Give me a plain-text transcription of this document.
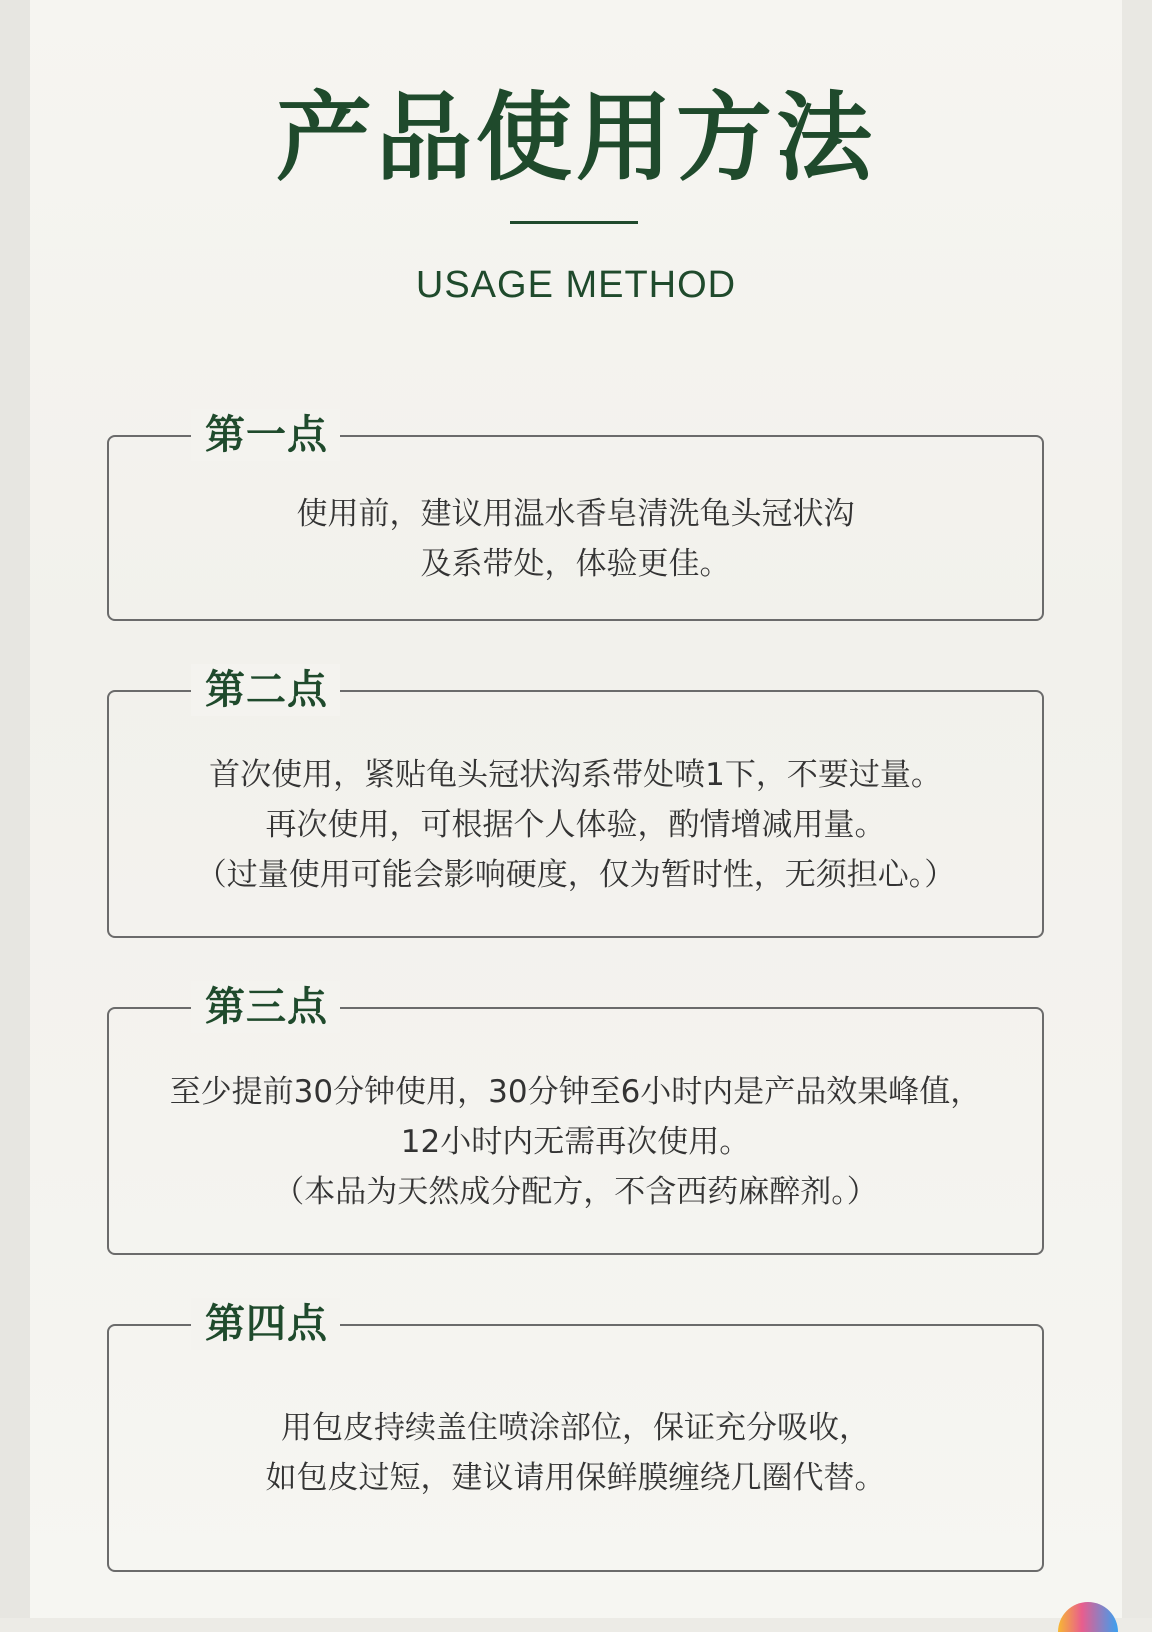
产品使用方法
USAGE METHOD
第一点
使用前，建议用温水香皂清洗龟头冠状沟
及系带处，体验更佳。
第二点
首次使用，紧贴龟头冠状沟系带处喷1下，不要过量。
再次使用，可根据个人体验，酌情增减用量。
（过量使用可能会影响硬度，仅为暂时性，无须担心。）
第三点
至少提前30分钟使用，30分钟至6小时内是产品效果峰值，
12小时内无需再次使用。
（本品为天然成分配方，不含西药麻醉剂。）
第四点
用包皮持续盖住喷涂部位，保证充分吸收，
如包皮过短，建议请用保鲜膜缠绕几圈代替。
